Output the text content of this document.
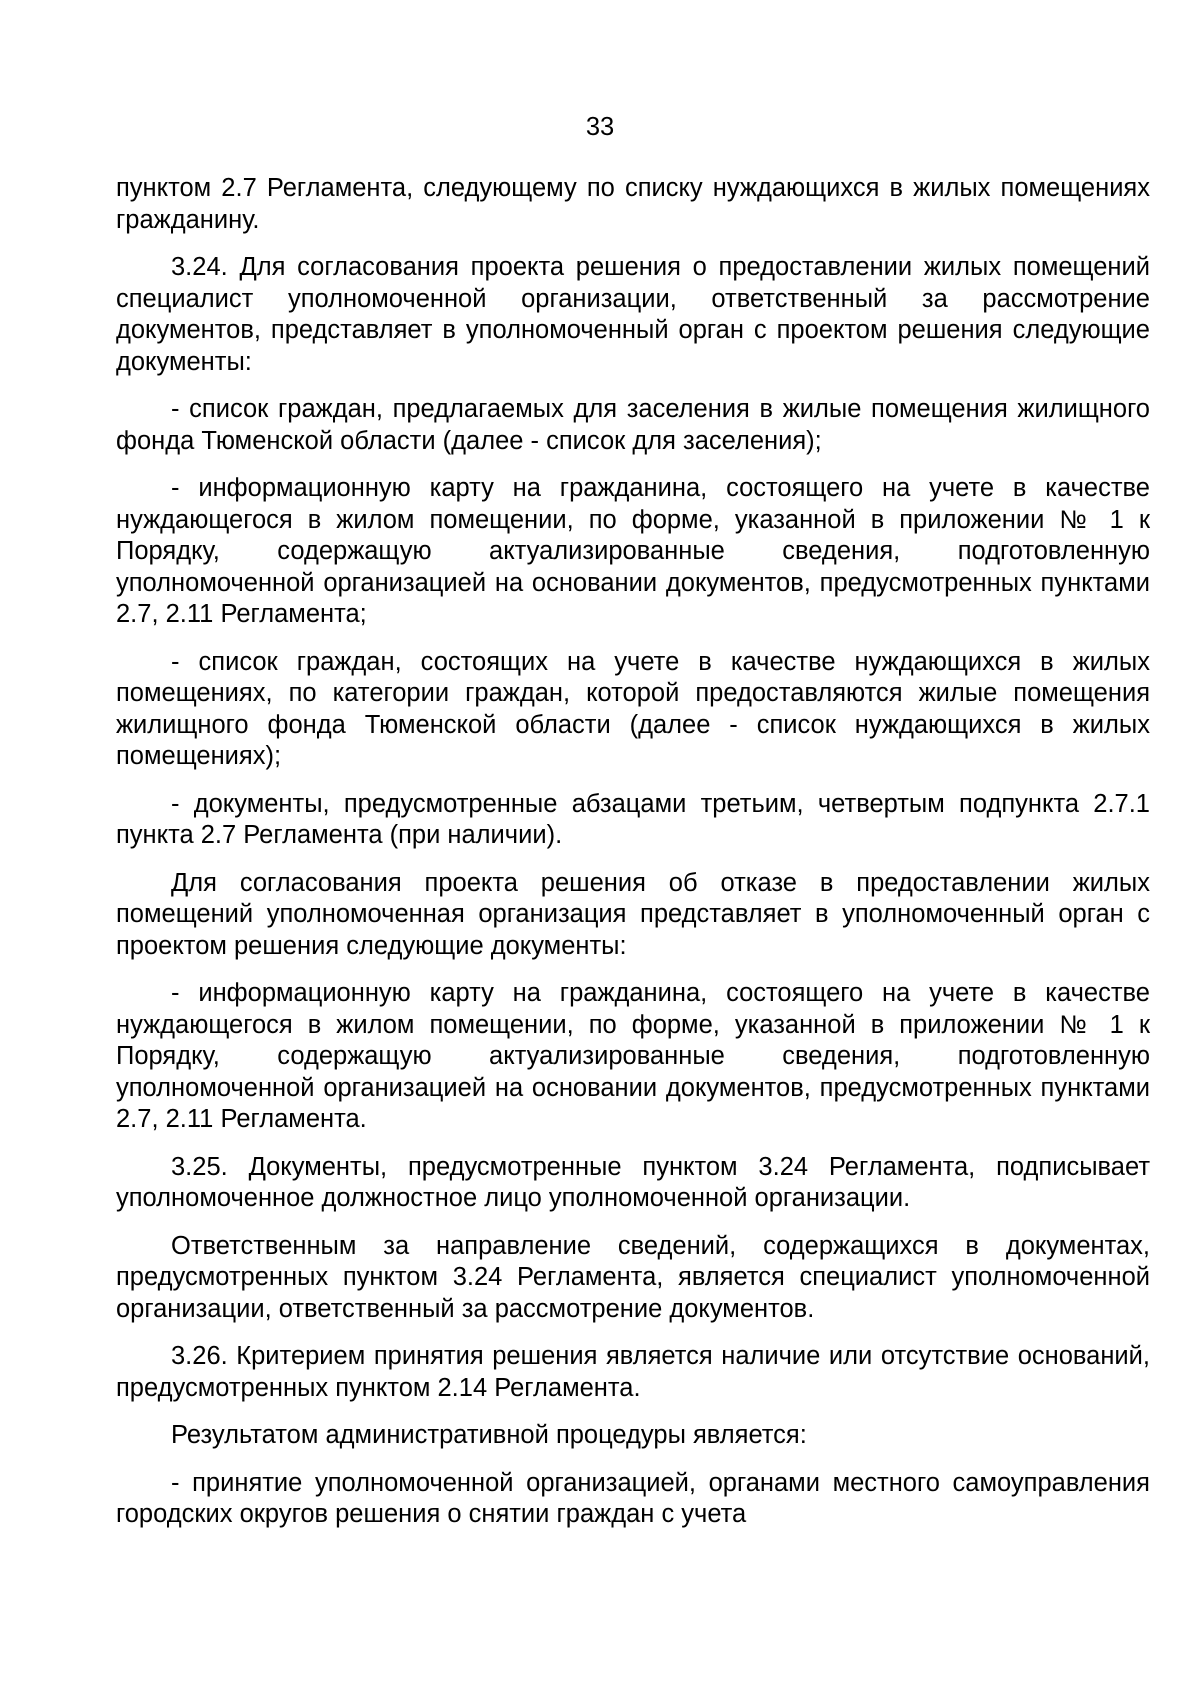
33

пунктом 2.7 Регламента, следующему по списку нуждающихся в жилых помещениях гражданину.

3.24. Для согласования проекта решения о предоставлении жилых помещений специалист уполномоченной организации, ответственный за рассмотрение документов, представляет в уполномоченный орган с проектом решения следующие документы:

- список граждан, предлагаемых для заселения в жилые помещения жилищного фонда Тюменской области (далее - список для заселения);

- информационную карту на гражданина, состоящего на учете в качестве нуждающегося в жилом помещении, по форме, указанной в приложении № 1 к Порядку, содержащую актуализированные сведения, подготовленную уполномоченной организацией на основании документов, предусмотренных пунктами 2.7, 2.11 Регламента;

- список граждан, состоящих на учете в качестве нуждающихся в жилых помещениях, по категории граждан, которой предоставляются жилые помещения жилищного фонда Тюменской области (далее - список нуждающихся в жилых помещениях);

- документы, предусмотренные абзацами третьим, четвертым подпункта 2.7.1 пункта 2.7 Регламента (при наличии).

Для согласования проекта решения об отказе в предоставлении жилых помещений уполномоченная организация представляет в уполномоченный орган с проектом решения следующие документы:

- информационную карту на гражданина, состоящего на учете в качестве нуждающегося в жилом помещении, по форме, указанной в приложении № 1 к Порядку, содержащую актуализированные сведения, подготовленную уполномоченной организацией на основании документов, предусмотренных пунктами 2.7, 2.11 Регламента.

3.25. Документы, предусмотренные пунктом 3.24 Регламента, подписывает уполномоченное должностное лицо уполномоченной организации.

Ответственным за направление сведений, содержащихся в документах, предусмотренных пунктом 3.24 Регламента, является специалист уполномоченной организации, ответственный за рассмотрение документов.

3.26. Критерием принятия решения является наличие или отсутствие оснований, предусмотренных пунктом 2.14 Регламента.

Результатом административной процедуры является:

- принятие уполномоченной организацией, органами местного самоуправления городских округов решения о снятии граждан с учета
